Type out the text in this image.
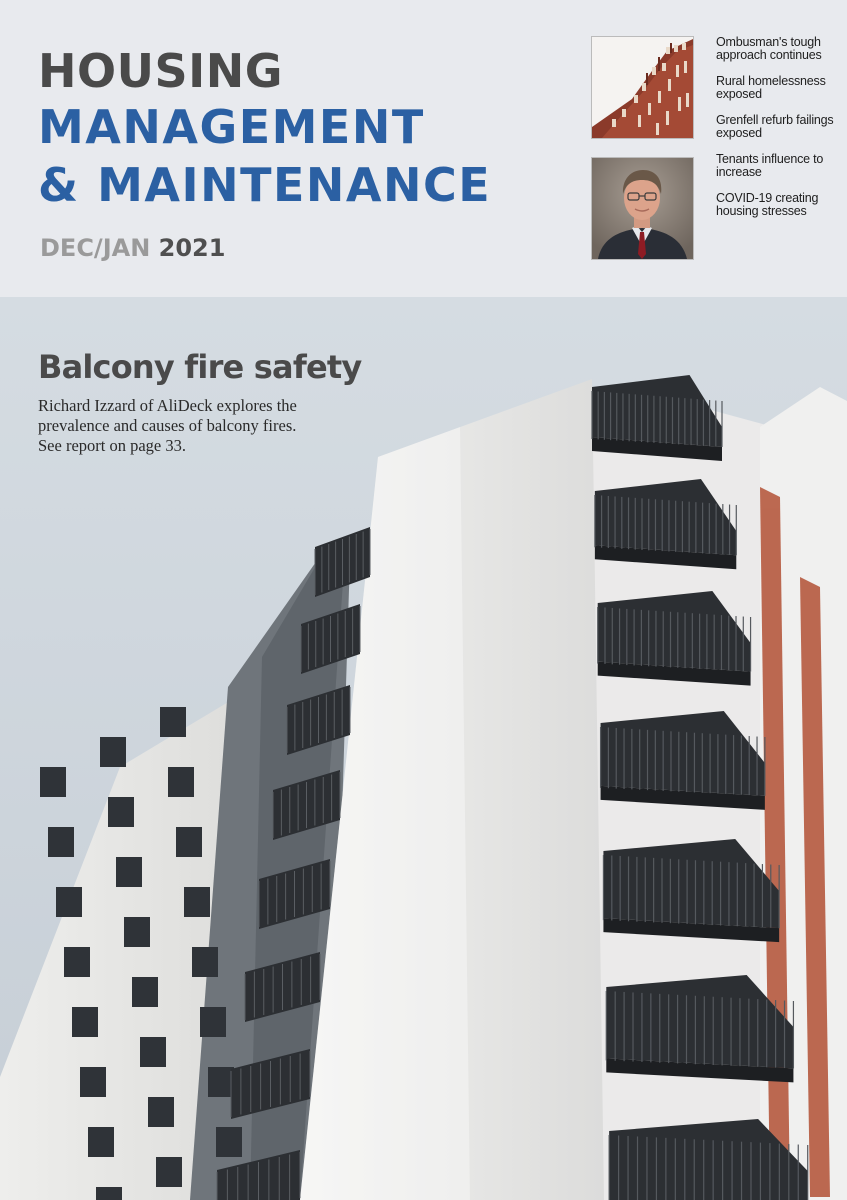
HOUSING
MANAGEMENT
& MAINTENANCE
DEC/JAN 2021
Ombusman's tough approach continues
Rural homelessness exposed
Grenfell refurb failings exposed
Tenants influence to increase
COVID-19 creating housing stresses
Balcony fire safety
Richard Izzard of AliDeck explores the
prevalence and causes of balcony fires.
See report on page 33.
